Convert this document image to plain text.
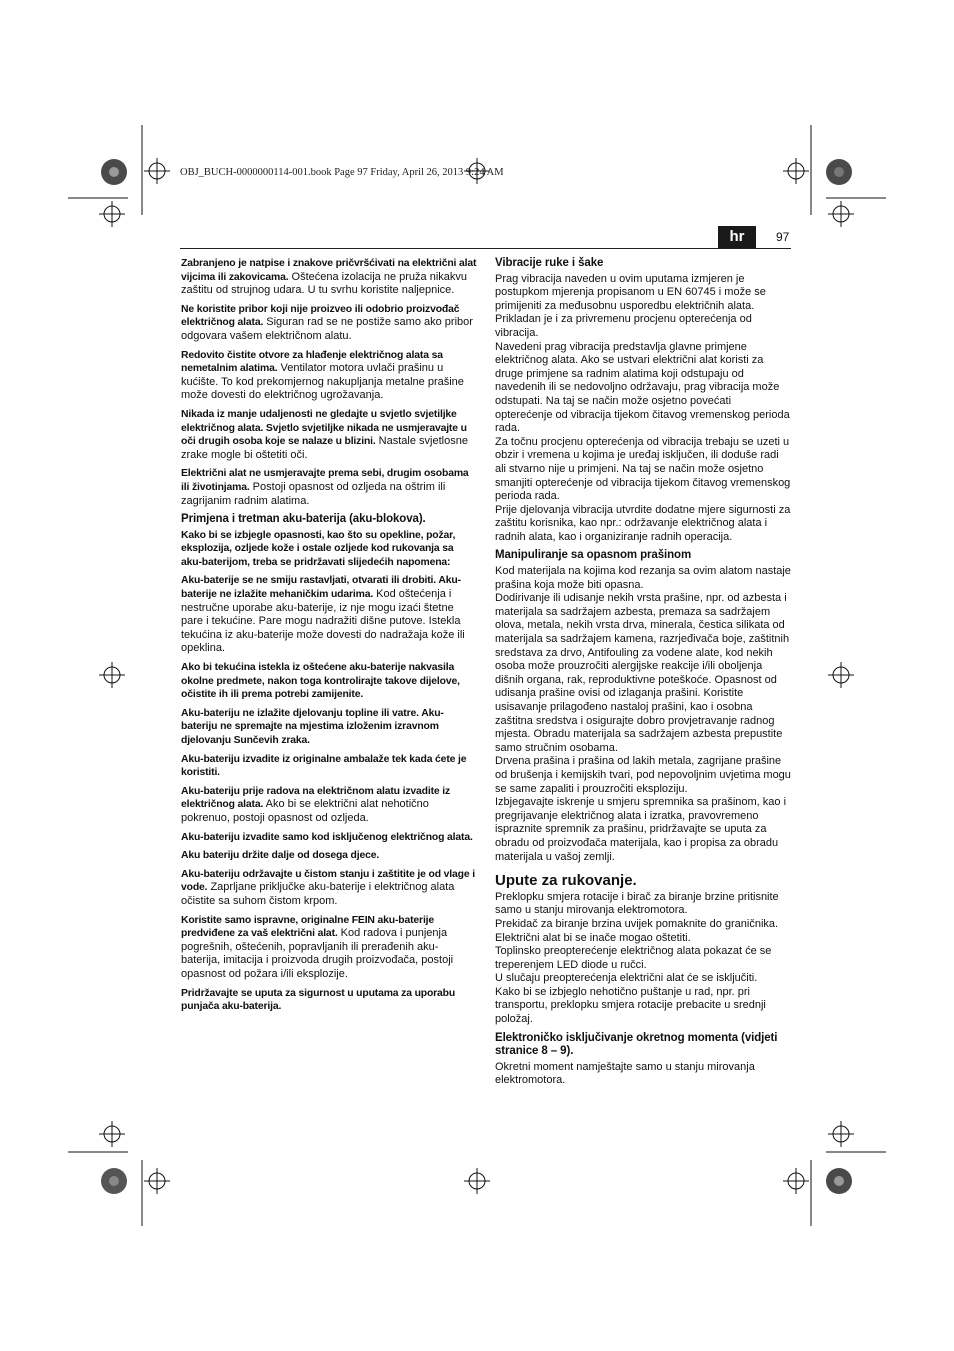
OBJ_BUCH-0000000114-001.book Page 97 Friday, April 26, 2013 9:24 AM
hr	97

Zabranjeno je natpise i znakove pričvršćivati na električni alat vijcima ili zakovicama. Oštećena izolacija ne pruža nikakvu zaštitu od strujnog udara. U tu svrhu koristite naljepnice.

Ne koristite pribor koji nije proizveo ili odobrio proizvođač električnog alata. Siguran rad se ne postiže samo ako pribor odgovara vašem električnom alatu.

Redovito čistite otvore za hlađenje električnog alata sa nemetalnim alatima. Ventilator motora uvlači prašinu u kućište. To kod prekomjernog nakupljanja metalne prašine može dovesti do električnog ugrožavanja.

Nikada iz manje udaljenosti ne gledajte u svjetlo svjetiljke električnog alata. Svjetlo svjetiljke nikada ne usmjeravajte u oči drugih osoba koje se nalaze u blizini. Nastale svjetlosne zrake mogle bi oštetiti oči.

Električni alat ne usmjeravajte prema sebi, drugim osobama ili životinjama. Postoji opasnost od ozljeda na oštrim ili zagrijanim radnim alatima.

Primjena i tretman aku-baterija (aku-blokova).

Kako bi se izbjegle opasnosti, kao što su opekline, požar, eksplozija, ozljede kože i ostale ozljede kod rukovanja sa aku-baterijom, treba se pridržavati slijedećih napomena:

Aku-baterije se ne smiju rastavljati, otvarati ili drobiti. Aku-baterije ne izlažite mehaničkim udarima. Kod oštećenja i nestručne uporabe aku-baterije, iz nje mogu izaći štetne pare i tekućine. Pare mogu nadražiti dišne putove. Istekla tekućina iz aku-baterije može dovesti do nadražaja kože ili opeklina.

Ako bi tekućina istekla iz oštećene aku-baterije nakvasila okolne predmete, nakon toga kontrolirajte takove dijelove, očistite ih ili prema potrebi zamijenite.

Aku-bateriju ne izlažite djelovanju topline ili vatre. Aku-bateriju ne spremajte na mjestima izloženim izravnom djelovanju Sunčevih zraka.

Aku-bateriju izvadite iz originalne ambalaže tek kada ćete je koristiti.

Aku-bateriju prije radova na električnom alatu izvadite iz električnog alata. Ako bi se električni alat nehotično pokrenuo, postoji opasnost od ozljeda.

Aku-bateriju izvadite samo kod isključenog električnog alata.

Aku bateriju držite dalje od dosega djece.

Aku-bateriju održavajte u čistom stanju i zaštitite je od vlage i vode. Zaprljane priključke aku-baterije i električnog alata očistite sa suhom čistom krpom.

Koristite samo ispravne, originalne FEIN aku-baterije predviđene za vaš električni alat. Kod radova i punjenja pogrešnih, oštećenih, popravljanih ili prerađenih aku-baterija, imitacija i proizvoda drugih proizvođača, postoji opasnost od požara i/ili eksplozije.

Pridržavajte se uputa za sigurnost u uputama za uporabu punjača aku-baterija.

Vibracije ruke i šake

Prag vibracija naveden u ovim uputama izmjeren je postupkom mjerenja propisanom u EN 60745 i može se primijeniti za međusobnu usporedbu električnih alata. Prikladan je i za privremenu procjenu opterećenja od vibracija.

Navedeni prag vibracija predstavlja glavne primjene električnog alata. Ako se ustvari električni alat koristi za druge primjene sa radnim alatima koji odstupaju od navedenih ili se nedovoljno održavaju, prag vibracija može odstupati. Na taj se način može osjetno povećati opterećenje od vibracija tijekom čitavog vremenskog perioda rada.

Za točnu procjenu opterećenja od vibracija trebaju se uzeti u obzir i vremena u kojima je uređaj isključen, ili doduše radi ali stvarno nije u primjeni. Na taj se način može osjetno smanjiti opterećenje od vibracija tijekom čitavog vremenskog perioda rada.

Prije djelovanja vibracija utvrdite dodatne mjere sigurnosti za zaštitu korisnika, kao npr.: održavanje električnog alata i radnih alata, kao i organiziranje radnih operacija.

Manipuliranje sa opasnom prašinom

Kod materijala na kojima kod rezanja sa ovim alatom nastaje prašina koja može biti opasna.

Dodirivanje ili udisanje nekih vrsta prašine, npr. od azbesta i materijala sa sadržajem azbesta, premaza sa sadržajem olova, metala, nekih vrsta drva, minerala, čestica silikata od materijala sa sadržajem kamena, razrjeđivača boje, zaštitnih sredstava za drvo, Antifouling za vodene alate, kod nekih osoba može prouzročiti alergijske reakcije i/ili oboljenja dišnih organa, rak, reproduktivne poteškoće. Opasnost od udisanja prašine ovisi od izlaganja prašini. Koristite usisavanje prilagođeno nastaloj prašini, kao i osobna zaštitna sredstva i osigurajte dobro provjetravanje radnog mjesta. Obradu materijala sa sadržajem azbesta prepustite samo stručnim osobama.

Drvena prašina i prašina od lakih metala, zagrijane prašine od brušenja i kemijskih tvari, pod nepovoljnim uvjetima mogu se same zapaliti i prouzročiti eksploziju.

Izbjegavajte iskrenje u smjeru spremnika sa prašinom, kao i pregrijavanje električnog alata i izratka, pravovremeno ispraznite spremnik za prašinu, pridržavajte se uputa za obradu od proizvođača materijala, kao i propisa za obradu materijala u vašoj zemlji.

Upute za rukovanje.

Preklopku smjera rotacije i birač za biranje brzine pritisnite samo u stanju mirovanja elektromotora.

Prekidač za biranje brzina uvijek pomaknite do graničnika. Električni alat bi se inače mogao oštetiti.

Toplinsko preopterećenje električnog alata pokazat će se treperenjem LED diode u ručci.

U slučaju preopterećenja električni alat će se isključiti.

Kako bi se izbjeglo nehotično puštanje u rad, npr. pri transportu, preklopku smjera rotacije prebacite u srednji položaj.

Elektroničko isključivanje okretnog momenta (vidjeti stranice 8 – 9).

Okretni moment namještajte samo u stanju mirovanja elektromotora.
